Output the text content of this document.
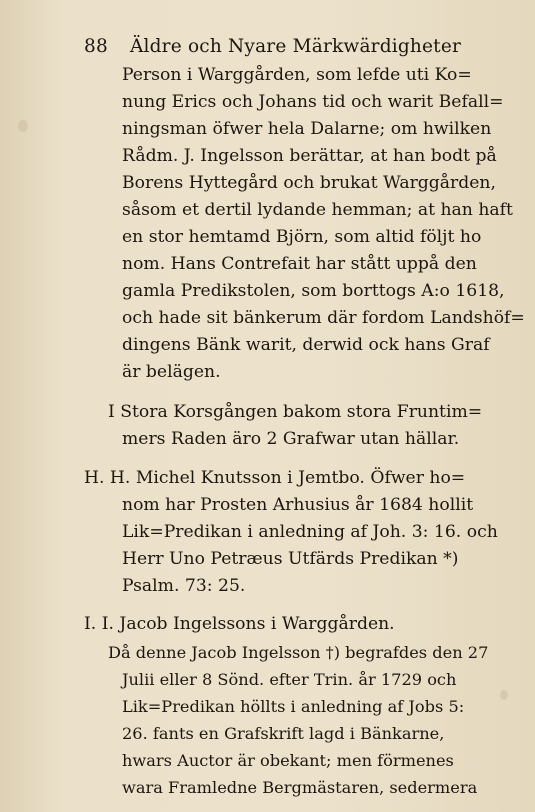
88 Äldre och Nyare Märkwärdigheter
Person i Warggården, som lefde uti Ko=
nung Erics och Johans tid och warit Befall=
ningsman öfwer hela Dalarne; om hwilken
Rådm. J. Ingelsson berättar, at han bodt på
Borens Hyttegård och brukat Warggården,
såsom et dertil lydande hemman; at han haft
en stor hemtamd Björn, som altid följt ho
nom. Hans Contrefait har stått uppå den
gamla Predikstolen, som borttogs A:o 1618,
och hade sit bänkerum där fordom Landshöf=
dingens Bänk warit, derwid ock hans Graf
är belägen.
I Stora Korsgången bakom stora Fruntim=
mers Raden äro 2 Grafwar utan hällar.
H. H. Michel Knutsson i Jemtbo. Öfwer ho=
nom har Prosten Arhusius år 1684 hollit
Lik=Predikan i anledning af Joh. 3: 16. och
Herr Uno Petræus Utfärds Predikan *)
Psalm. 73: 25.
I. I. Jacob Ingelssons i Warggården.
Då denne Jacob Ingelsson †) begrafdes den 27
Julii eller 8 Sönd. efter Trin. år 1729 och
Lik=Predikan höllts i anledning af Jobs 5:
26. fants en Grafskrift lagd i Bänkarne,
hwars Auctor är obekant; men förmenes
wara Framledne Bergmästaren, sedermera
